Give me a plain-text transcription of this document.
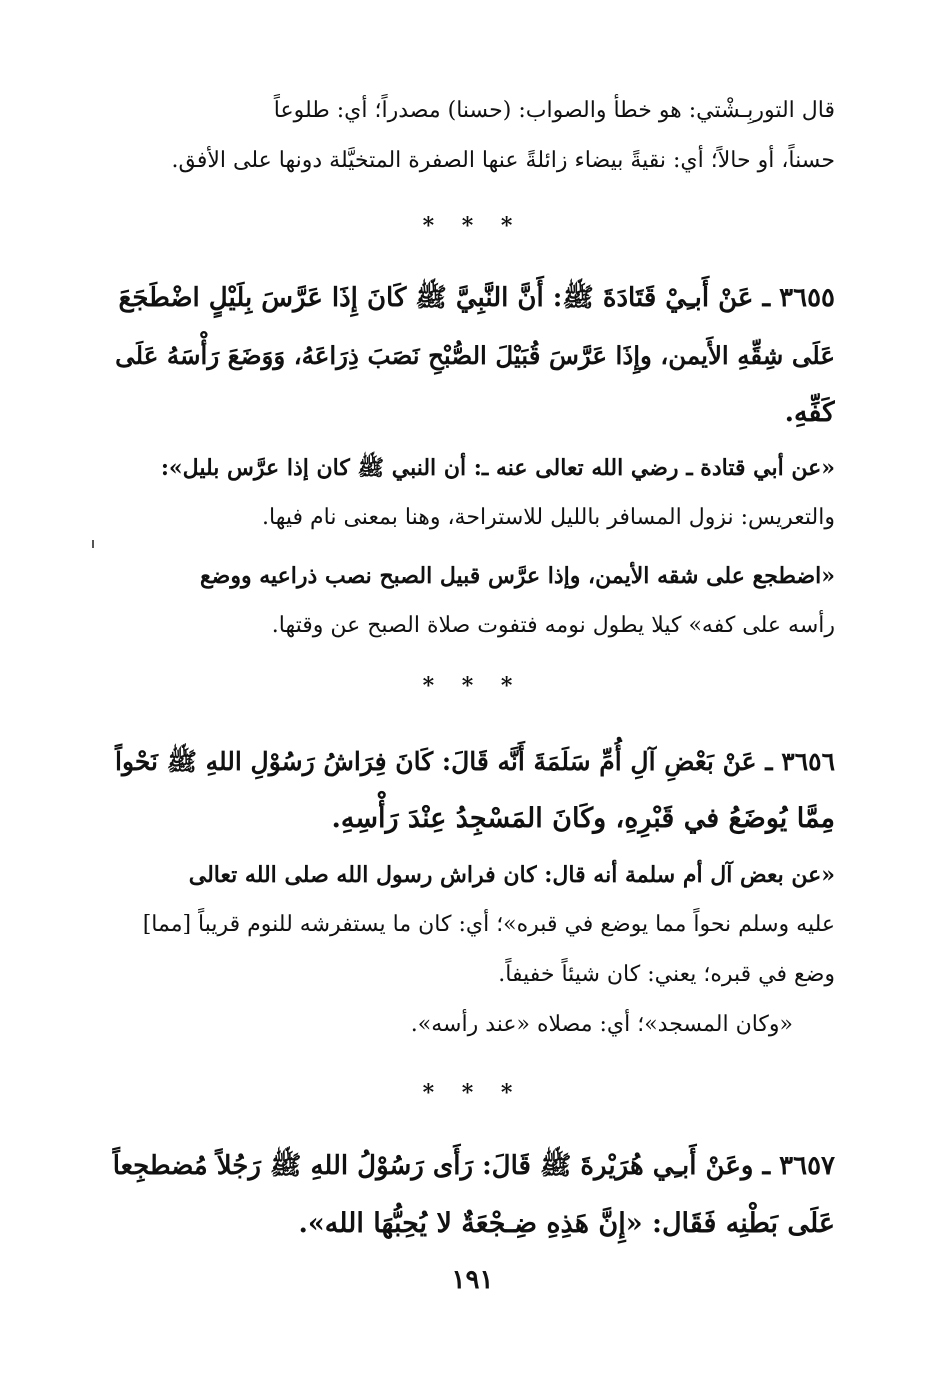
قال التوربِـشْتي: هو خطأ والصواب: (حسنا) مصدراً؛ أي: طلوعاً
حسناً، أو حالاً؛ أي: نقيةً بيضاء زائلةً عنها الصفرة المتخيَّلة دونها على الأفق.
* * *
٣٦٥٥ ـ عَنْ أَبـِيْ قَتَادَةَ ﷺ: أَنَّ النَّبِيَّ ﷺ كَانَ إِذَا عَرَّسَ بِلَيْلٍ اضْطَجَعَ
عَلَى شِقِّهِ الأَيمن، وإِذَا عَرَّسَ قُبَيْلَ الصُّبْحِ نَصَبَ ذِرَاعَهُ، وَوَضَعَ رَأْسَهُ عَلَى
كَفِّهِ.
«عن أبي قتادة ـ رضي الله تعالى عنه ـ: أن النبي ﷺ كان إذا عرَّس بليل»:
والتعريس: نزول المسافر بالليل للاستراحة، وهنا بمعنى نام فيها.
«اضطجع على شقه الأيمن، وإذا عرَّس قبيل الصبح نصب ذراعيه ووضع
رأسه على كفه» كيلا يطول نومه فتفوت صلاة الصبح عن وقتها.
* * *
٣٦٥٦ ـ عَنْ بَعْضِ آلِ أُمِّ سَلَمَةَ أَنَّه قَالَ: كَانَ فِرَاشُ رَسُوْلِ اللهِ ﷺ نَحْواً
مِمَّا يُوضَعُ في قَبْرِهِ، وكَانَ المَسْجِدُ عِنْدَ رَأْسِهِ.
«عن بعض آل أم سلمة أنه قال: كان فراش رسول الله صلى الله تعالى
عليه وسلم نحواً مما يوضع في قبره»؛ أي: كان ما يستفرشه للنوم قريباً [مما]
وضع في قبره؛ يعني: كان شيئاً خفيفاً.
«وكان المسجد»؛ أي: مصلاه «عند رأسه».
* * *
٣٦٥٧ ـ وعَنْ أَبـِي هُرَيْرةَ ﷺ قَالَ: رَأَى رَسُوْلُ اللهِ ﷺ رَجُلاً مُضطجِعاً
عَلَى بَطْنِه فَقَال: «إِنَّ هَذِهِ ضِـجْعَةٌ لا يُحِبُّهَا الله».
١٩١
